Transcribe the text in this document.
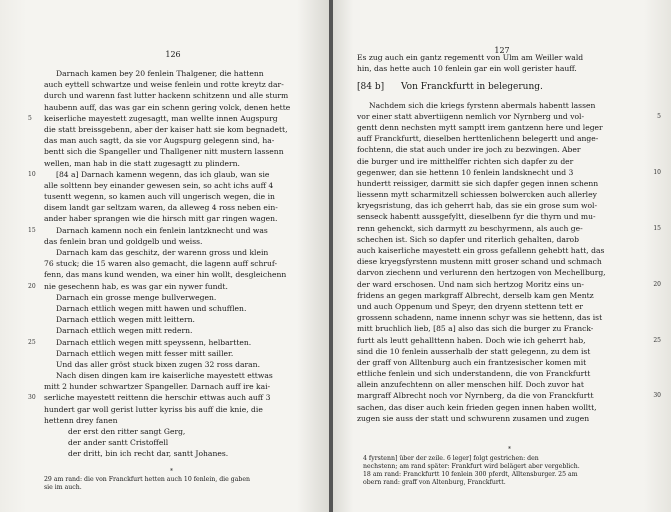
126
Darnach kamen bey 20 fenlein Thalgener, die hattenn
auch eyttell schwartze und weise fenlein und rotte kreytz dar-
durch und warenn fast lutter hackenn schitzenn und alle sturm
haubenn auff, das was gar ein schenn gering volck, denen hette
keiserliche mayestett zugesagtt, man wellte innen Augspurg
5
die statt breissgebenn, aber der kaiser hatt sie kom begnadett,
das man auch sagtt, da sie vor Augspurg gelegenn sind, ha-
bentt sich die Spangeller und Thallgener nitt mustern lassenn
wellen, man hab in die statt zugesagtt zu plindern.
[84 a] Darnach kamenn wegenn, das ich glaub, wan sie
10
alle solttenn bey einander gewesen sein, so acht ichs auff 4
tusentt wegenn, so kamen auch vill ungerisch wegen, die in
disem landt gar seltzam waren, da alleweg 4 ross neben ein-
ander haber sprangen wie die hirsch mitt gar ringen wagen.
Darnach kamenn noch ein fenlein lantzknecht und was
15
das fenlein bran und goldgelb und weiss.
Darnach kam das geschitz, der warenn gross und klein
76 stuck; die 15 waren also gemacht, die lagenn auff schruf-
fenn, das mans kund wenden, wa einer hin wollt, desgleichenn
nie gesechenn hab, es was gar ein nywer fundt.
20
Darnach ein grosse menge bullverwegen.
Darnach ettlich wegen mitt hawen und schufflen.
Darnach ettlich wegen mitt leittern.
Darnach ettlich wegen mitt redern.
Darnach ettlich wegen mitt speyssenn, helbartten.
25
Darnach ettlich wegen mitt fesser mitt sailler.
Und das aller gröst stuck bixen zugen 32 ross daran.
Nach disen dingen kam ire kaiserliche mayestett ettwas
mitt 2 hunder schwartzer Spangeller. Darnach auff ire kai-
serliche mayestett reittenn die herschir ettwas auch auff 3
30
hundert gar woll gerist lutter kyriss bis auff die knie, die
hettenn drey fanen
der erst den ritter sangt Gerg,
der ander santt Cristoffell
der dritt, bin ich recht dar, santt Johanes.
*
29 am rand: die von Franckfurt hetten auch 10 fenlein, die gaben
sie im auch.
127
Es zug auch ein gantz regementt von Ulm am Weiller wald
hin, das hette auch 10 fenlein gar ein woll gerister hauff.
[84 b] Von Franckfurtt in belegerung.
Nachdem sich die kriegs fyrstenn abermals habentt lassen
vor einer statt abvertiigenn nemlich vor Nyrnberg und vol-	5
gentt denn nechsten mytt samptt irem gantzenn here und leger
auff Franckfurtt, dieselben herttenlichenn belegertt und ange-
fochtenn, die stat auch under ire joch zu bezwingen. Aber
die burger und ire mitthelffer richten sich dapfer zu der
gegenwer, dan sie hettenn 10 fenlein landsknecht und 3	10
hundertt reissiger, darmitt sie sich dapfer gegen innen schenn
liessenn mytt scharmitzell schiessen bolwercken auch allerley
kryegsristung, das ich geherrt hab, das sie ein grose sum wol-
senseck habentt aussgefyltt, dieselbenn fyr die thyrn und mu-
renn gehenckt, sich darmytt zu beschyrmenn, als auch ge-	15
schechen ist. Sich so dapfer und riterlich gehalten, darob
auch kaiserliche mayestett ein gross gefallenn gehebtt hatt, das
diese kryegsfyrstenn mustenn mitt groser schand und schmach
darvon ziechenn und verlurenn den hertzogen von Mechellburg,
der ward erschosen. Und nam sich hertzog Moritz eins un-	20
fridens an gegen markgraff Albrecht, derselb kam gen Mentz
und auch Oppenum und Speyr, den dryenn stettenn tett er
grossenn schadenn, name innenn schyr was sie hettenn, das ist
mitt bruchlich lieb, [85 a] also das sich die burger zu Franck-
furtt als leutt gehallttenn haben. Doch wie ich geherrt hab,	25
sind die 10 fenlein ausserhalb der statt gelegenn, zu dem ist
der graff von Alltenburg auch ein frantzesischer komen mit
ettliche fenlein und sich understandenn, die von Franckfurtt
allein anzufechtenn on aller menschen hilf. Doch zuvor hat
margraff Albrecht noch vor Nyrnberg, da die von Franckfurtt	30
sachen, das diser auch kein frieden gegen innen haben wolltt,
zugen sie auss der statt und schwurenn zusamen und zugen
*
4 fyrstenn] über der zeile. 6 leger] folgt gestrichen: den
nechstenn; am rand später: Frankfurt wird belägert aber vergeblich.
18 am rand: Franckfurtt 10 fenlein 300 pferdt, Alltensburger. 25 am
obern rand: graff von Altenburg, Franckfurtt.
